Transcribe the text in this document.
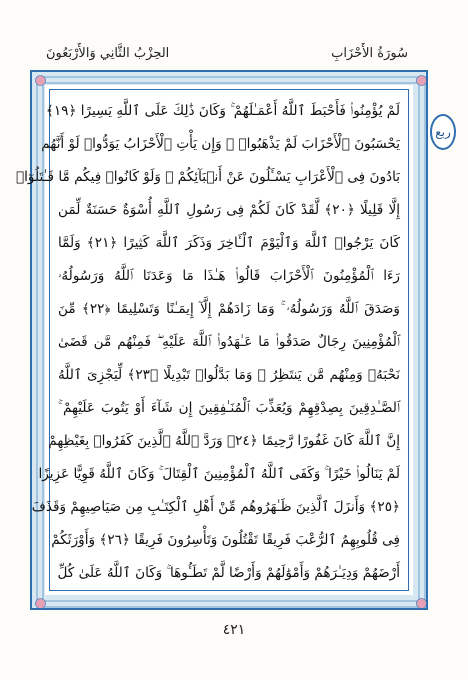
سُورَةُ الأَحْزَابِ
الحِزْبُ الثَّانِي وَالأَرْبَعُونَ
لَمْ يُؤْمِنُوا۟ فَأَحْبَطَ ٱللَّهُ أَعْمَـٰلَهُمْ ۚ وَكَانَ ذَٰلِكَ عَلَى ٱللَّهِ يَسِيرًا ﴿١٩﴾
يَحْسَبُونَ ٱلْأَحْزَابَ لَمْ يَذْهَبُوا۟ ۖ وَإِن يَأْتِ ٱلْأَحْزَابُ يَوَدُّوا۟ لَوْ أَنَّهُم
بَادُونَ فِى ٱلْأَعْرَابِ يَسْـَٔلُونَ عَنْ أَنۢبَآئِكُمْ ۖ وَلَوْ كَانُوا۟ فِيكُم مَّا قَـٰتَلُوٓا۟
إِلَّا قَلِيلًا ﴿٢٠﴾ لَّقَدْ كَانَ لَكُمْ فِى رَسُولِ ٱللَّهِ أُسْوَةٌ حَسَنَةٌ لِّمَن
كَانَ يَرْجُوا۟ ٱللَّهَ وَٱلْيَوْمَ ٱلْـَٔاخِرَ وَذَكَرَ ٱللَّهَ كَثِيرًا ﴿٢١﴾ وَلَمَّا
رَءَا ٱلْمُؤْمِنُونَ ٱلْأَحْزَابَ قَالُوا۟ هَـٰذَا مَا وَعَدَنَا ٱللَّهُ وَرَسُولُهُۥ
وَصَدَقَ ٱللَّهُ وَرَسُولُهُۥ ۚ وَمَا زَادَهُمْ إِلَّآ إِيمَـٰنًا وَتَسْلِيمًا ﴿٢٢﴾ مِّنَ
ٱلْمُؤْمِنِينَ رِجَالٌ صَدَقُوا۟ مَا عَـٰهَدُوا۟ ٱللَّهَ عَلَيْهِ ۖ فَمِنْهُم مَّن قَضَىٰ
نَحْبَهُۥ وَمِنْهُم مَّن يَنتَظِرُ ۖ وَمَا بَدَّلُوا۟ تَبْدِيلًا ﴿٢٣﴾ لِّيَجْزِىَ ٱللَّهُ
ٱلصَّـٰدِقِينَ بِصِدْقِهِمْ وَيُعَذِّبَ ٱلْمُنَـٰفِقِينَ إِن شَآءَ أَوْ يَتُوبَ عَلَيْهِمْ ۚ
إِنَّ ٱللَّهَ كَانَ غَفُورًا رَّحِيمًا ﴿٢٤﴾ وَرَدَّ ٱللَّهُ ٱلَّذِينَ كَفَرُوا۟ بِغَيْظِهِمْ
لَمْ يَنَالُوا۟ خَيْرًا ۚ وَكَفَى ٱللَّهُ ٱلْمُؤْمِنِينَ ٱلْقِتَالَ ۚ وَكَانَ ٱللَّهُ قَوِيًّا عَزِيزًا
﴿٢٥﴾ وَأَنزَلَ ٱلَّذِينَ ظَـٰهَرُوهُم مِّنْ أَهْلِ ٱلْكِتَـٰبِ مِن صَيَاصِيهِمْ وَقَذَفَ
فِى قُلُوبِهِمُ ٱلرُّعْبَ فَرِيقًا تَقْتُلُونَ وَتَأْسِرُونَ فَرِيقًا ﴿٢٦﴾ وَأَوْرَثَكُمْ
أَرْضَهُمْ وَدِيَـٰرَهُمْ وَأَمْوَٰلَهُمْ وَأَرْضًا لَّمْ تَطَـُٔوهَا ۚ وَكَانَ ٱللَّهُ عَلَىٰ كُلِّ
ربع
٤٢١
